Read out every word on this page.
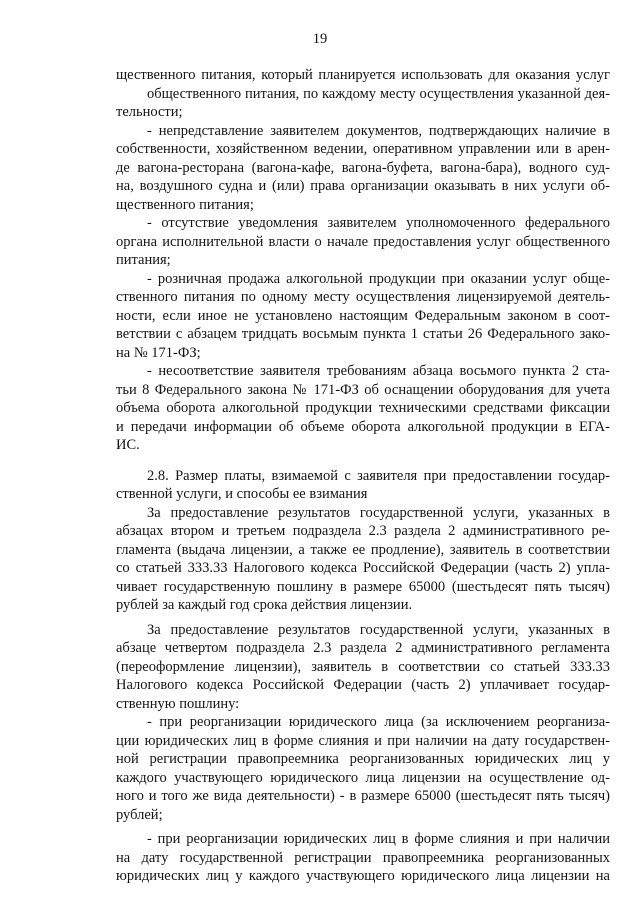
19
щественного питания, который планируется использовать для оказания услуг
общественного питания, по каждому месту осуществления указанной дея-
тельности;
- непредставление заявителем документов, подтверждающих наличие в
собственности, хозяйственном ведении, оперативном управлении или в арен-
де вагона-ресторана (вагона-кафе, вагона-буфета, вагона-бара), водного суд-
на, воздушного судна и (или) права организации оказывать в них услуги об-
щественного питания;
- отсутствие уведомления заявителем уполномоченного федерального
органа исполнительной власти о начале предоставления услуг общественного
питания;
- розничная продажа алкогольной продукции при оказании услуг обще-
ственного питания по одному месту осуществления лицензируемой деятель-
ности, если иное не установлено настоящим Федеральным законом в соот-
ветствии с абзацем тридцать восьмым пункта 1 статьи 26 Федерального зако-
на № 171-ФЗ;
- несоответствие заявителя требованиям абзаца восьмого пункта 2 ста-
тьи 8 Федерального закона № 171-ФЗ об оснащении оборудования для учета
объема оборота алкогольной продукции техническими средствами фиксации
и передачи информации об объеме оборота алкогольной продукции в ЕГА-
ИС.
2.8. Размер платы, взимаемой с заявителя при предоставлении государ-
ственной услуги, и способы ее взимания
За предоставление результатов государственной услуги, указанных в
абзацах втором и третьем подраздела 2.3 раздела 2 административного ре-
гламента (выдача лицензии, а также ее продление), заявитель в соответствии
со статьей 333.33 Налогового кодекса Российской Федерации (часть 2) упла-
чивает государственную пошлину в размере 65000 (шестьдесят пять тысяч)
рублей за каждый год срока действия лицензии.
За предоставление результатов государственной услуги, указанных в
абзаце четвертом подраздела 2.3 раздела 2 административного регламента
(переоформление лицензии), заявитель в соответствии со статьей 333.33
Налогового кодекса Российской Федерации (часть 2) уплачивает государ-
ственную пошлину:
- при реорганизации юридического лица (за исключением реорганиза-
ции юридических лиц в форме слияния и при наличии на дату государствен-
ной регистрации правопреемника реорганизованных юридических лиц у
каждого участвующего юридического лица лицензии на осуществление од-
ного и того же вида деятельности) - в размере 65000 (шестьдесят пять тысяч)
рублей;
- при реорганизации юридических лиц в форме слияния и при наличии
на дату государственной регистрации правопреемника реорганизованных
юридических лиц у каждого участвующего юридического лица лицензии на
